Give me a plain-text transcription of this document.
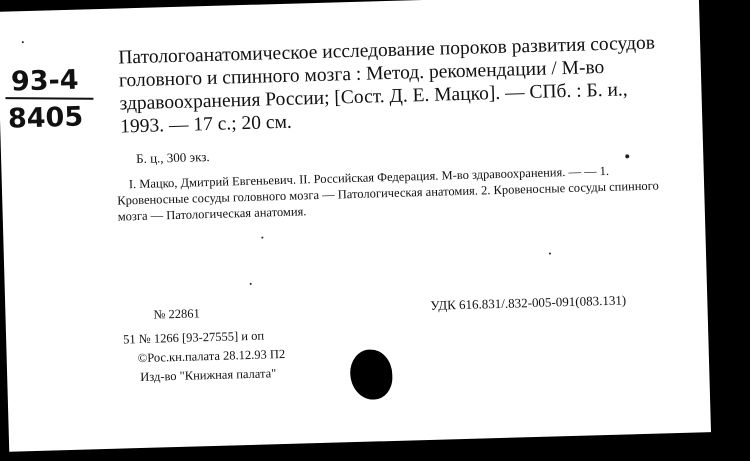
93-4
8405
Патологоанатомическое исследование пороков развития сосудов головного и спинного мозга : Метод. рекомендации / М-во здравоохранения России; [Сост. Д. Е. Мацко]. — СПб. : Б. и., 1993. — 17 с.; 20 см.
Б. ц., 300 экз.
I. Мацко, Дмитрий Евгеньевич. II. Российская Федерация. М-во здравоохранения. — — 1. Кровеносные сосуды головного мозга — Патологическая анатомия. 2. Кровеносные сосуды спинного мозга — Патологическая анатомия.
№ 22861
УДК 616.831/.832-005-091(083.131)
51 № 1266 [93-27555] и оп
©Рос.кн.палата 28.12.93 П2
Изд-во "Книжная палата"
